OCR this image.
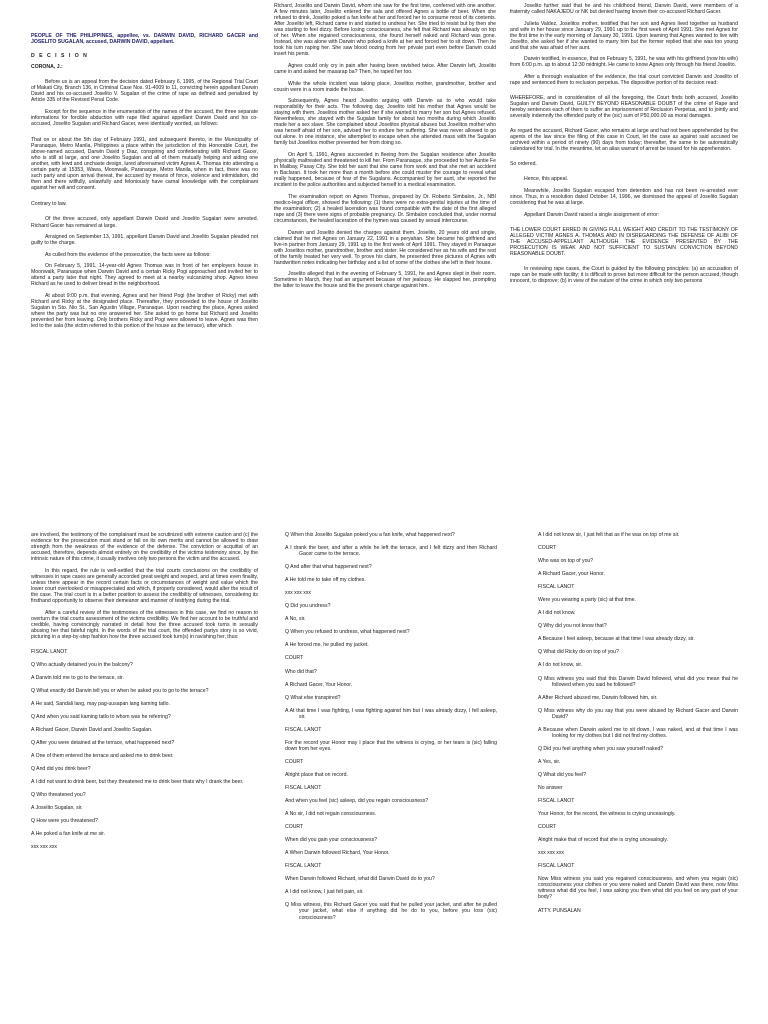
PEOPLE OF THE PHILIPPINES, appellee, vs. DARWIN DAVID, RICHARD GACER and JOSELITO SUGALAN, accused, DARWIN DAVID, appellant.

D E C I S I O N

CORONA, J.:

Before us is an appeal from the decision dated February 6, 1995, of the Regional Trial Court of Makati City, Branch 136, in Criminal Case Nos. 91-4009 to 11, convicting herein appellant Darwin David and his co-accused Joselito V. Sugalan of the crime of rape as defined and penalized by Article 335 of the Revised Penal Code.

Except for the sequence in the enumeration of the names of the accused, the three separate informations for forcible abduction with rape filed against appellant Darwin David and his co-accused, Joselito Sugalan and Richard Gacer, were identically worded, as follows:

That on or about the 5th day of February 1991, and subsequent thereto, in the Municipality of Paranaque, Metro Manila, Philippines a place within the jurisdiction of this Honorable Court, the above-named accused, Darwin David y Diaz, conspiring and confederating with Richard Gacer, who is still at large, and one Joselito Sugalan and all of them mutually helping and aiding one another, with lewd and unchaste design, lured aforenamed victim Agnes A. Thomas into attending a certain party at 15353, Wawa, Moonwalk, Paranaque, Metro Manila, when in fact, there was no such party and upon arrival thereat, the accused by means of force, violence and intimidation, did then and there willfully, unlawfully and feloniously have carnal knowledge with the complainant against her will and consent.

Contrary to law.

Of the three accused, only appellant Darwin David and Joselito Sugalan were arrested. Richard Gacer has remained at large.

Arraigned on September 13, 1991, appellant Darwin David and Joselito Sugalan pleaded not guilty to the charge.

As culled from the evidence of the prosecution, the facts were as follows:

On February 5, 1991, 14-year-old Agnes Thomas was in front of her employers house in Moonwalk, Paranaque when Darwin David and a certain Ricky Pogi approached and invited her to attend a party later that night. They agreed to meet at a nearby vulcanizing shop. Agnes knew Richard as he used to deliver bread in the neighborhood.

At about 9:00 p.m. that evening, Agnes and her friend Pogi (the brother of Ricky) met with Richard and Ricky at the designated place. Thereafter, they proceeded to the house of Joselito Sugalan in Sto. Nio St., San Agustin Village, Paranaque. Upon reaching the place, Agnes asked where the party was but no one answered her. She asked to go home but Richard and Joselito prevented her from leaving. Only brothers Ricky and Pogi were allowed to leave. Agnes was then led to the sala (the victim referred to this portion of the house as the terrace), after which

Richard, Joselito and Darwin David, whom she saw for the first time, conferred with one another. A few minutes later, Joselito entered the sala and offered Agnes a bottle of beer. When she refused to drink, Joselito poked a fan knife at her and forced her to consume most of its contents. After Joselito left, Richard came in and started to undress her. She tried to resist but by then she was starting to feel dizzy. Before losing consciousness, she felt that Richard was already on top of her. When she regained consciousness, she found herself naked and Richard was gone. Instead, she was alone with Darwin who poked a knife at her and forced her to sit down. Then he took his turn raping her. She saw blood oozing from her private part even before Darwin could insert his penis.

Agnes could only cry in pain after having been ravished twice. After Darwin left, Joselito came in and asked her masarap ba? Then, he raped her too.

While the whole incident was taking place, Joselitos mother, grandmother, brother and cousin were in a room inside the house.

Subsequently, Agnes heard Joselito arguing with Darwin as to who would take responsibility for their acts. The following day, Joselito told his mother that Agnes would be staying with them. Joselitos mother asked her if she wanted to marry her son but Agnes refused. Nevertheless, she stayed with the Sugalan family for about two months during which Joselito made her a sex slave. She complained about Joselitos physical abuses but Joselitos mother who was herself afraid of her son, advised her to endure her suffering. She was never allowed to go out alone. In one instance, she attempted to escape when she attended mass with the Sugalan family but Joselitos mother prevented her from doing so.

On April 5, 1991, Agnes succeeded in fleeing from the Sugalan residence after Joselito physically maltreated and threatened to kill her. From Paranaque, she proceeded to her Auntie Fe in Malibay, Pasay City. She told her aunt that she came from work and that she met an accident in Baclaran. It took her more than a month before she could muster the courage to reveal what really happened, because of fear of the Sugalans. Accompanied by her aunt, she reported the incident to the police authorities and subjected herself to a medical examination.

The examination report on Agnes Thomas, prepared by Dr. Roberto Simbalon, Jr., NBI medico-legal officer, showed the following: (1) there were no extra-genital injuries at the time of the examination; (2) a healed laceration was found compatible with the date of the first alleged rape and (3) there were signs of probable pregnancy. Dr. Simbalon concluded that, under normal circumstances, the healed laceration of the hymen was caused by sexual intercourse.

Darwin and Joselito denied the charges against them. Joselito, 20 years old and single, claimed that he met Agnes on January 22, 1991 in a peryahan. She became his girlfriend and live-in partner from January 29, 1991 up to the first week of April 1991. They stayed in Paraaque with Joselitos mother, grandmother, brother and sister. He considered her as his wife and the rest of the family treated her very well. To prove his claim, he presented three pictures of Agnes with handwritten notes indicating her birthday and a list of some of the clothes she left in their house.

Joselito alleged that in the evening of February 5, 1991, he and Agnes slept in their room. Sometime in March, they had an argument because of her jealousy. He slapped her, prompting the latter to leave the house and file the present charge against him.

Joselito further said that he and his childhood friend, Darwin David, were members of a fraternity called NAKAJEDU or NK but denied having known their co-accused Richard Gacer.

Julieta Valdez, Joselitos mother, testified that her son and Agnes lived together as husband and wife in her house since January 29, 1991 up to the first week of April 1991. She met Agnes for the first time in the early morning of January 30, 1991. Upon learning that Agnes wanted to live with Joselito, she asked her if she wanted to marry him but the former replied that she was too young and that she was afraid of her aunt.

Darwin testified, in essence, that on February 5, 1991, he was with his girlfriend (now his wife) from 6:00 p.m. up to about 12:30 midnight. He came to know Agnes only through his friend Joselito.

After a thorough evaluation of the evidence, the trial court convicted Darwin and Joselito of rape and sentenced them to reclusion perpetua. The dispositive portion of its decision read:

WHEREFORE, and in consideration of all the foregoing, the Court finds both accused, Joselito Sugalan and Darwin David, GUILTY BEYOND REASONABLE DOUBT of the crime of Rape and hereby sentences each of them to suffer an imprisonment of Reclusion Perpetua, and to jointly and severally indemnify the offended party of the (sic) sum of P50,000.00 as moral damages.

As regard the accused, Richard Gacer, who remains at large and had not been apprehended by the agents of the law since the filing of this case in Court, let the case as against said accused be archived within a period of ninety (90) days from today; thereafter, the same to be automatically calendared for trial. In the meantime, let an alias warrant of arrest be issued for his apprehension.

So ordered.

Hence, this appeal.

Meanwhile, Joselito Sugalan escaped from detention and has not been re-arrested ever since. Thus, in a resolution dated October 14, 1996, we dismissed the appeal of Joselito Sugalan considering that he was at large.

Appellant Darwin David raised a single assignment of error:

THE LOWER COURT ERRED IN GIVING FULL WEIGHT AND CREDIT TO THE TESTIMONY OF ALLEGED VICTIM AGNES A. THOMAS AND IN DISREGARDING THE DEFENSE OF ALIBI OF THE ACCUSED-APPELLANT ALTHOUGH THE EVIDENCE PRESENTED BY THE PROSECUTION IS WEAK AND NOT SUFFICIENT TO SUSTAIN CONVICTION BEYOND REASONABLE DOUBT.

In reviewing rape cases, the Court is guided by the following principles: (a) an accusation of rape can be made with facility; it is difficult to prove but more difficult for the person accused, though innocent, to disprove; (b) in view of the nature of the crime in which only two persons

are involved, the testimony of the complainant must be scrutinized with extreme caution and (c) the evidence for the prosecution must stand or fall on its own merits and cannot be allowed to draw strength from the weakness of the evidence of the defense. The conviction or acquittal of an accused, therefore, depends almost entirely on the credibility of the victims testimony since, by the intrinsic nature of this crime, it usually involves only two persons the victim and the accused.

In this regard, the rule is well-settled that the trial courts conclusions on the credibility of witnesses in rape cases are generally accorded great weight and respect, and at times even finality, unless there appear in the record certain facts or circumstances of weight and value which the lower court overlooked or misappreciated and which, if properly considered, would alter the result of the case. The trial court is in a better position to assess the credibility of witnesses, considering its firsthand opportunity to observe their demeanor and manner of testifying during the trial.

After a careful review of the testimonies of the witnesses in this case, we find no reason to overturn the trial courts assessment of the victims credibility. We find her account to be truthful and credible, having convincingly narrated in detail how the three accused took turns in sexually abusing her that fateful night. In the words of the trial court, the offended partys story is so vivid, picturing in a step-by-step fashion how the three accused took turn(s) in ravishing her, thus:

FISCAL LANOT

Q Who actually detained you in the balcony?

A Darwin told me to go to the terrace, sir.

Q What exactly did Darwin tell you or when he asked you to go to the terrace?

A He said, Sandali lang, may pag-uusapan lang kaming tatlo.

Q And when you said kaming tatlo to whom was he referring?

A Richard Gacer, Darwin David and Joselito Sugalan.

Q After you were detained at the terrace, what happened next?

A One of them entered the terrace and asked me to drink beer.

Q And did you drink beer?

A I did not want to drink beer, but they threatened me to drink beer thats why I drank the beer.

Q Who threatened you?

A Joselito Sugalan, sir.

Q How were you threatened?

A He poked a fan knife at me sir.

xxx xxx xxx

Q When this Joselito Sugalan poked you a fan knife, what happened next?

A I drank the beer, and after a while he left the terrace, and I felt dizzy and then Richard Gacer came to the terrace.

Q And after that what happened next?

A He told me to take off my clothes.

xxx xxx xxx

Q Did you undress?

A No, sir.

Q When you refused to undress, what happened next?

A He forced me, he pulled my jacket.

COURT

Who did that?

A Richard Gacer, Your Honor.

Q What else transpired?

A At that time I was fighting, I was fighting against him but I was already dizzy, I fell asleep, sir.

FISCAL LANOT

For the record your Honor may I place that the witness is crying, or her tears is (sic) falling down from her eyes.

COURT

Alright place that on record.

FISCAL LANOT

And when you feel (sic) asleep, did you regain consciousness?

A No sir, I did not regain consciousness.

COURT

When did you gain your consciousness?

A When Darwin followed Richard, Your Honor.

FISCAL LANOT

When Darwin followed Richard, what did Darwin David do to you?

A I did not know, I just felt pain, sir.

Q Miss witness, this Richard Gacer you said that he pulled your jacket, and after he pulled your jacket, what else if anything did he do to you, before you loss (sic) consciousness?

A I did not know sir, I just felt that as if he was on top of me sir.

COURT

Who was on top of you?

A Richard Gacer, your Honor.

FISCAL LANOT

Were you wearing a party (sic) at that time.

A I did not know.

Q Why did you not know that?

A Because I feel asleep, because at that time I was already dizzy, sir.

Q What did Ricky do on top of you?

A I do not know, sir.

Q Miss witness you said that this Darwin David followed, what did you mean that he followed when you said he followed?

A After Richard abused me, Darwin followed him, sir.

Q Miss witness why do you say that you were abused by Richard Gacer and Darwin David?

A Because when Darwin asked me to sit down, I was naked, and at that time I was looking for my clothes but I did not find my clothes.

Q Did you feel anything when you saw yourself naked?

A Yes, sir.

Q What did you feel?

No answer

FISCAL LANOT

Your Honor, for the record, the witness is crying unceasingly.

COURT

Alright make that of record that she is crying unceasingly.

xxx xxx xxx

FISCAL LANOT

Now Miss witness you said you regained consciousness, and when you regain (sic) consciousness your clothes or you were naked and Darwin David was there, now Miss witness what did you feel, I was asking you then what did you feel on any part of your body?

ATTY. PUNSALAN
